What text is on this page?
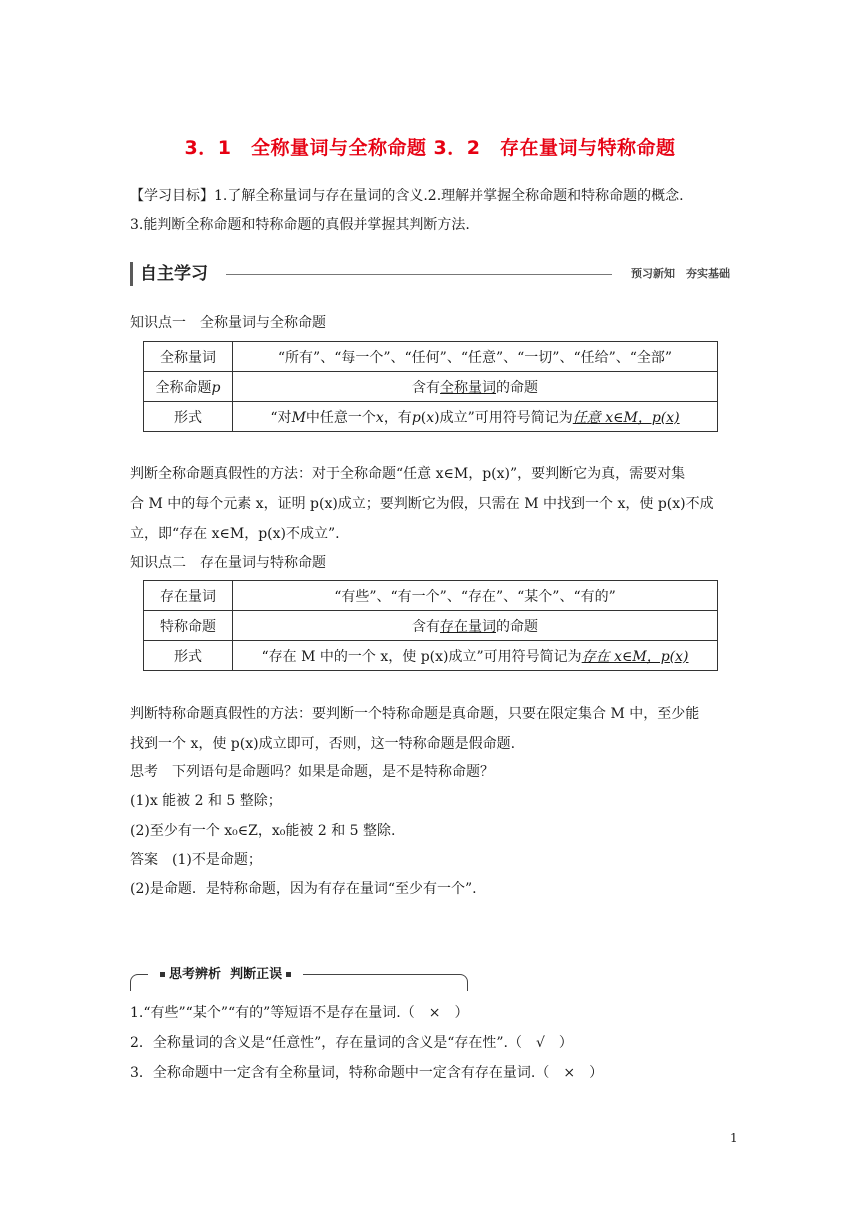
3．1　全称量词与全称命题 3．2　存在量词与特称命题
【学习目标】1.了解全称量词与存在量词的含义.2.理解并掌握全称命题和特称命题的概念.
3.能判断全称命题和特称命题的真假并掌握其判断方法.
自主学习	预习新知　夯实基础
知识点一　全称量词与全称命题
全称量词	“所有”、“每一个”、“任何”、“任意”、“一切”、“任给”、“全部”
全称命题p	含有全称量词的命题
形式	“对M中任意一个x，有p(x)成立”可用符号简记为任意 x∈M，p(x)
判断全称命题真假性的方法：对于全称命题“任意 x∈M，p(x)”，要判断它为真，需要对集
合 M 中的每个元素 x，证明 p(x)成立；要判断它为假，只需在 M 中找到一个 x，使 p(x)不成
立，即“存在 x∈M，p(x)不成立”.
知识点二　存在量词与特称命题
存在量词	“有些”、“有一个”、“存在”、“某个”、“有的”
特称命题	含有存在量词的命题
形式	“存在 M 中的一个 x，使 p(x)成立”可用符号简记为存在 x∈M，p(x)
判断特称命题真假性的方法：要判断一个特称命题是真命题，只要在限定集合 M 中，至少能
找到一个 x，使 p(x)成立即可，否则，这一特称命题是假命题.
思考　下列语句是命题吗？如果是命题，是不是特称命题？
(1)x 能被 2 和 5 整除；
(2)至少有一个 x₀∈Z，x₀能被 2 和 5 整除.
答案　(1)不是命题；
(2)是命题．是特称命题，因为有存在量词“至少有一个”.
思考辨析 判断正误
1.“有些”“某个”“有的”等短语不是存在量词.（　×　）
2．全称量词的含义是“任意性”，存在量词的含义是“存在性”.（　√　）
3．全称命题中一定含有全称量词，特称命题中一定含有存在量词.（　×　）
1
